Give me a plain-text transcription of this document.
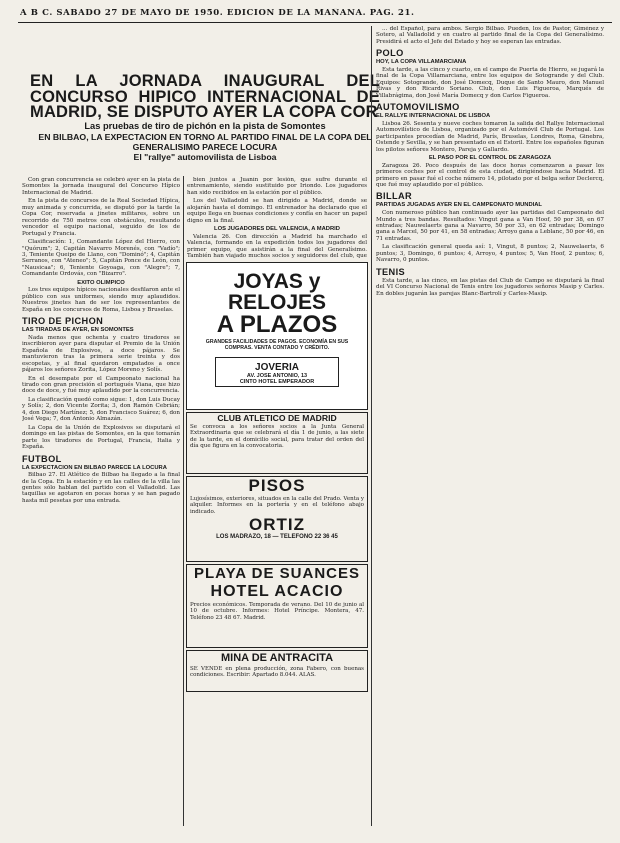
A B C. SABADO 27 DE MAYO DE 1950. EDICION DE LA MAÑANA. PAG. 21.
EN LA JORNADA INAUGURAL DEL CONCURSO HIPICO INTERNACIONAL DE MADRID, SE DISPUTO AYER LA COPA COR
Las pruebas de tiro de pichón en la pista de Somontes
EN BILBAO, LA EXPECTACION EN TORNO AL PARTIDO FINAL DE LA COPA DEL GENERALISIMO PARECE LOCURA
El "rallye" automovilista de Lisboa

Con gran concurrencia se celebró ayer en la pista de Somontes la jornada inaugural del Concurso Hípico Internacional de Madrid.

En la pista de concursos de la Real Sociedad Hípica, muy animada y concurrida, se disputó por la tarde la Copa Cor, reservada a jinetes militares, sobre un recorrido de 750 metros con obstáculos, resultando vencedor el equipo nacional, seguido de los de Portugal y Francia.

Clasificación: 1, Comandante López del Hierro, con "Quórum"; 2, Capitán Navarro Morenés, con "Vadío"; 3, Teniente Queipo de Llano, con "Dominó"; 4, Capitán Serranos, con "Ateneo"; 5, Capitán Ponce de León, con "Nausicaa"; 6, Teniente Goyoaga, con "Alegre"; 7, Comandante Ordovás, con "Bizarro".

EXITO OLIMPICO

Los tres equipos hípicos nacionales desfilaron ante el público con sus uniformes, siendo muy aplaudidos. Nuestros jinetes han de ser los representantes de España en los concursos de Roma, Lisboa y Bruselas.

TIRO DE PICHON
LAS TIRADAS DE AYER, EN SOMONTES

Nada menos que ochenta y cuatro tiradores se inscribieron ayer para disputar el Premio de la Unión Española de Explosivos, a doce pájaros. Se mantuvieron tras la primera serie treinta y dos escopetas, y al final quedaron empatados a once pájaros los señores Zorita, López Moreno y Solís.

En el desempate por el Campeonato nacional ha tirado con gran precisión el portugués Viana, que hizo doce de doce, y fué muy aplaudido por la concurrencia.

La clasificación quedó como sigue: 1, don Luis Ducay y Solís; 2, don Vicente Zorita; 3, don Ramón Cebrián; 4, don Diego Martínez; 5, don Francisco Suárez; 6, don José Vega; 7, don Antonio Almazán.

La Copa de la Unión de Explosivos se disputará el domingo en las pistas de Somontes, en la que tomarán parte los tiradores de Portugal, Francia, Italia y España.

FUTBOL
LA EXPECTACION EN BILBAO PARECE LA LOCURA

Bilbao 27. El Atlético de Bilbao ha llegado a la final de la Copa. En la estación y en las calles de la villa las gentes sólo hablan del partido con el Valladolid. Las taquillas se agotaron en pocas horas y se han pagado hasta mil pesetas por una entrada.

bien juntos a Juanín por lesión, que sufre durante el entrenamiento, siendo sustituido por Iriondo. Los jugadores han sido recibidos en la estación por el público.

Los del Valladolid se han dirigido a Madrid, donde se alojarán hasta el domingo. El entrenador ha declarado que el equipo llega en buenas condiciones y confía en hacer un papel digno en la final.

LOS JUGADORES DEL VALENCIA, A MADRID

Valencia 26. Con dirección a Madrid ha marchado el Valencia, formando en la expedición todos los jugadores del primer equipo, que asistirán a la final del Generalísimo. También han viajado muchos socios y seguidores del club, que

JOYAS y RELOJES
A PLAZOS
GRANDES FACILIDADES DE PAGOS. ECONOMÍA EN SUS COMPRAS. VENTA CONTADO Y CRÉDITO.
JOVERIA
AV. JOSE ANTONIO, 13
CINTO HOTEL EMPERADOR
CLUB ATLETICO DE MADRID
Se convoca a los señores socios a la Junta General Extraordinaria que se celebrará el día 1 de junio, a las siete de la tarde, en el domicilio social, para tratar del orden del día que figura en la convocatoria.
PISOS
Lujosísimos, exteriores, situados en la calle del Prado. Venta y alquiler. Informes en la portería y en el teléfono abajo indicado.
ORTIZ
LOS MADRAZO, 18 — TELEFONO 22 36 45
PLAYA DE SUANCES
HOTEL ACACIO
Precios económicos. Temporada de verano. Del 10 de junio al 10 de octubre. Informes: Hotel Príncipe. Montera, 47. Teléfono 23 48 67. Madrid.
MINA DE ANTRACITA
SE VENDE en plena producción, zona Fabero, con buenas condiciones. Escribir: Apartado 8.044. ALAS.

... del Español, para ambos. Sergio Bilbao. Pueden, los de Pastor, Giménez y Sotero, al Valladolid y en cuatro al partido final de la Copa del Generalísimo. Presidirá el acto el Jefe del Estado y hoy se esperan las entradas.

POLO
HOY, LA COPA VILLAMARCIANA

Esta tarde, a las cinco y cuarto, en el campo de Puerta de Hierro, se jugará la final de la Copa Villamarciana, entre los equipos de Sotogrande y del Club. Equipos: Sotogrande, don José Domecq, Duque de Santo Mauro, don Manuel Rivas y don Ricardo Soriano. Club, don Luis Figueroa, Marqués de Villabrágima, don José María Domecq y don Carlos Figueroa.

AUTOMOVILISMO
EL RALLYE INTERNACIONAL DE LISBOA

Lisboa 26. Sesenta y nueve coches tomaron la salida del Rallye Internacional Automovilístico de Lisboa, organizado por el Automóvil Club de Portugal. Los participantes procedían de Madrid, París, Bruselas, Londres, Roma, Ginebra, Ostende y Sevilla, y se han presentado en el Estoril. Entre los españoles figuran los pilotos señores Montero, Pareja y Gallardo.

EL PASO POR EL CONTROL DE ZARAGOZA

Zaragoza 26. Poco después de las doce horas comenzaron a pasar los primeros coches por el control de esta ciudad, dirigiéndose hacia Madrid. El primero en pasar fué el coche número 14, pilotado por el belga señor Declercq, que fué muy aplaudido por el público.

BILLAR
PARTIDAS JUGADAS AYER EN EL CAMPEONATO MUNDIAL

Con numeroso público han continuado ayer las partidas del Campeonato del Mundo a tres bandas. Resultados: Vingut gana a Van Hoof, 50 por 38, en 67 entradas; Nauwelaerts gana a Navarro, 50 por 33, en 62 entradas; Domingo gana a Marcel, 50 por 41, en 58 entradas; Arroyo gana a Leblanc, 50 por 46, en 71 entradas.

La clasificación general queda así: 1, Vingut, 8 puntos; 2, Nauwelaerts, 6 puntos; 3, Domingo, 6 puntos; 4, Arroyo, 4 puntos; 5, Van Hoof, 2 puntos; 6, Navarro, 0 puntos.

TENIS

Esta tarde, a las cinco, en las pistas del Club de Campo se disputará la final del VI Concurso Nacional de Tenis entre los jugadores señores Masip y Carles. En dobles jugarán las parejas Blanc-Bartrolí y Carles-Masip.
